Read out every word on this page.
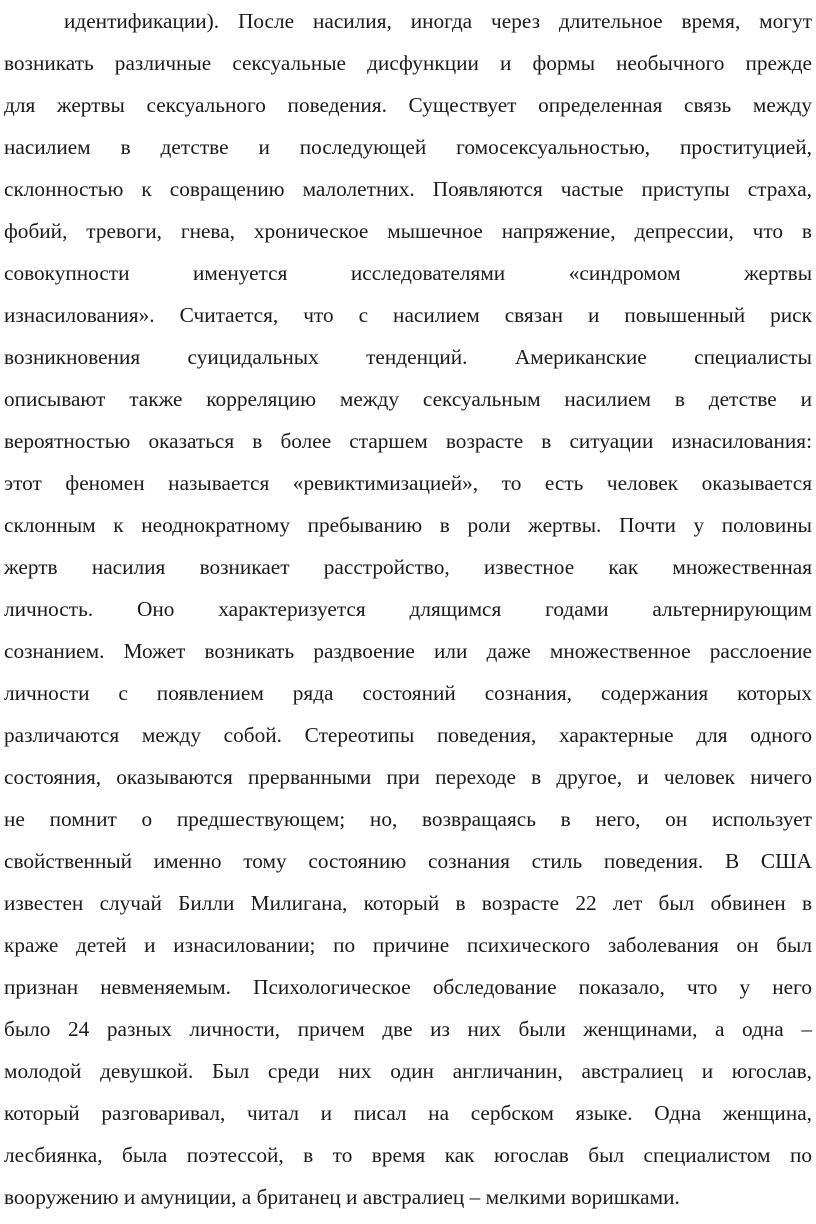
идентификации). После насилия, иногда через длительное время, могут
возникать различные сексуальные дисфункции и формы необычного прежде
для жертвы сексуального поведения. Существует определенная связь между
насилием в детстве и последующей гомосексуальностью, проституцией,
склонностью к совращению малолетних. Появляются частые приступы страха,
фобий, тревоги, гнева, хроническое мышечное напряжение, депрессии, что в
совокупности именуется исследователями «синдромом жертвы
изнасилования». Считается, что с насилием связан и повышенный риск
возникновения суицидальных тенденций. Американские специалисты
описывают также корреляцию между сексуальным насилием в детстве и
вероятностью оказаться в более старшем возрасте в ситуации изнасилования:
этот феномен называется «ревиктимизацией», то есть человек оказывается
склонным к неоднократному пребыванию в роли жертвы. Почти у половины
жертв насилия возникает расстройство, известное как множественная
личность. Оно характеризуется длящимся годами альтернирующим
сознанием. Может возникать раздвоение или даже множественное расслоение
личности с появлением ряда состояний сознания, содержания которых
различаются между собой. Стереотипы поведения, характерные для одного
состояния, оказываются прерванными при переходе в другое, и человек ничего
не помнит о предшествующем; но, возвращаясь в него, он использует
свойственный именно тому состоянию сознания стиль поведения. В США
известен случай Билли Милигана, который в возрасте 22 лет был обвинен в
краже детей и изнасиловании; по причине психического заболевания он был
признан невменяемым. Психологическое обследование показало, что у него
было 24 разных личности, причем две из них были женщинами, а одна –
молодой девушкой. Был среди них один англичанин, австралиец и югослав,
который разговаривал, читал и писал на сербском языке. Одна женщина,
лесбиянка, была поэтессой, в то время как югослав был специалистом по
вооружению и амуниции, а британец и австралиец – мелкими воришками.
